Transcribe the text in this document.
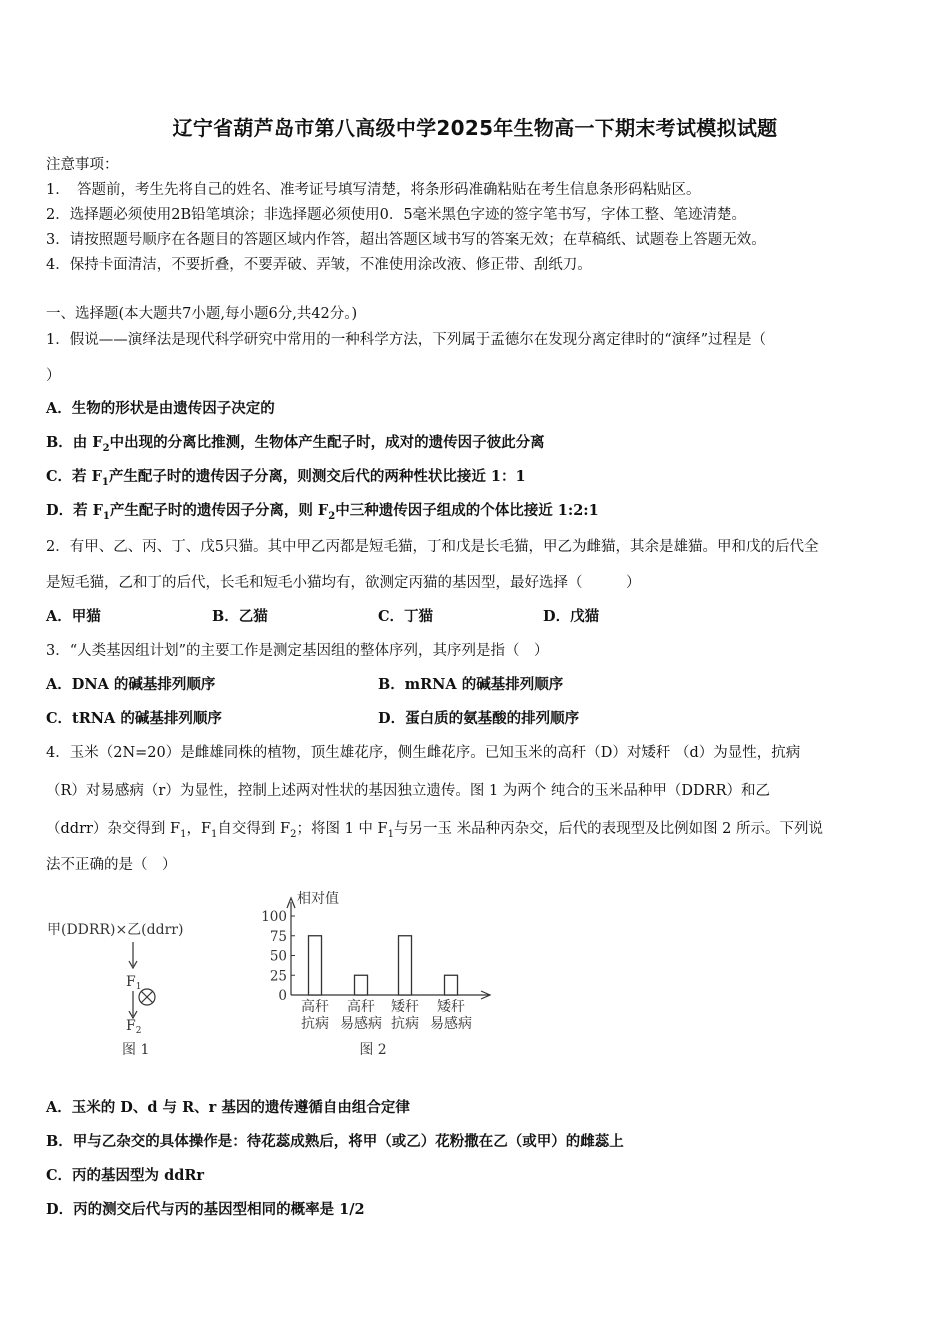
辽宁省葫芦岛市第八高级中学2025年生物高一下期末考试模拟试题
注意事项：
1．　答题前，考生先将自己的姓名、准考证号填写清楚，将条形码准确粘贴在考生信息条形码粘贴区。
2．选择题必须使用2B铅笔填涂；非选择题必须使用0．5毫米黑色字迹的签字笔书写，字体工整、笔迹清楚。
3．请按照题号顺序在各题目的答题区域内作答，超出答题区域书写的答案无效；在草稿纸、试题卷上答题无效。
4．保持卡面清洁，不要折叠，不要弄破、弄皱，不准使用涂改液、修正带、刮纸刀。
一、选择题(本大题共7小题,每小题6分,共42分。)
1．假说——演绎法是现代科学研究中常用的一种科学方法，下列属于孟德尔在发现分离定律时的“演绎”过程是（
）
A．生物的形状是由遗传因子决定的
B．由 $F_2$中出现的分离比推测，生物体产生配子时，成对的遗传因子彼此分离
C．若 $F_1$产生配子时的遗传因子分离，则测交后代的两种性状比接近 1：1
D．若 $F_1$产生配子时的遗传因子分离，则 $F_2$中三种遗传因子组成的个体比接近 1:2:1
2．有甲、乙、丙、丁、戊5只猫。其中甲乙丙都是短毛猫，丁和戊是长毛猫，甲乙为雌猫，其余是雄猫。甲和戊的后代全
是短毛猫，乙和丁的后代，长毛和短毛小猫均有，欲测定丙猫的基因型，最好选择（　　　）
A．甲猫	B．乙猫	C．丁猫	D．戊猫
3．“人类基因组计划”的主要工作是测定基因组的整体序列，其序列是指（　）
A．DNA 的碱基排列顺序	B．mRNA 的碱基排列顺序
C．tRNA 的碱基排列顺序	D．蛋白质的氨基酸的排列顺序
4．玉米（2N=20）是雌雄同株的植物，顶生雄花序，侧生雌花序。已知玉米的高秆（D）对矮秆 （d）为显性，抗病
（R）对易感病（r）为显性，控制上述两对性状的基因独立遗传。图 1 为两个 纯合的玉米品种甲（DDRR）和乙
（ddrr）杂交得到 $F_1$，$F_1$自交得到 $F_2$；将图 1 中 $F_1$与另一玉 米品种丙杂交，后代的表现型及比例如图 2 所示。下列说
法不正确的是（　）
甲(DDRR)×乙(ddrr)
$F_1$
$F_2$
图 1
相对值
0
25
50
75
100
高秆
抗病
高秆
易感病
矮秆
抗病
矮秆
易感病
图 2
A．玉米的 D、d 与 R、r 基因的遗传遵循自由组合定律
B．甲与乙杂交的具体操作是：待花蕊成熟后，将甲（或乙）花粉撒在乙（或甲）的雌蕊上
C．丙的基因型为 ddRr
D．丙的测交后代与丙的基因型相同的概率是 1/2
